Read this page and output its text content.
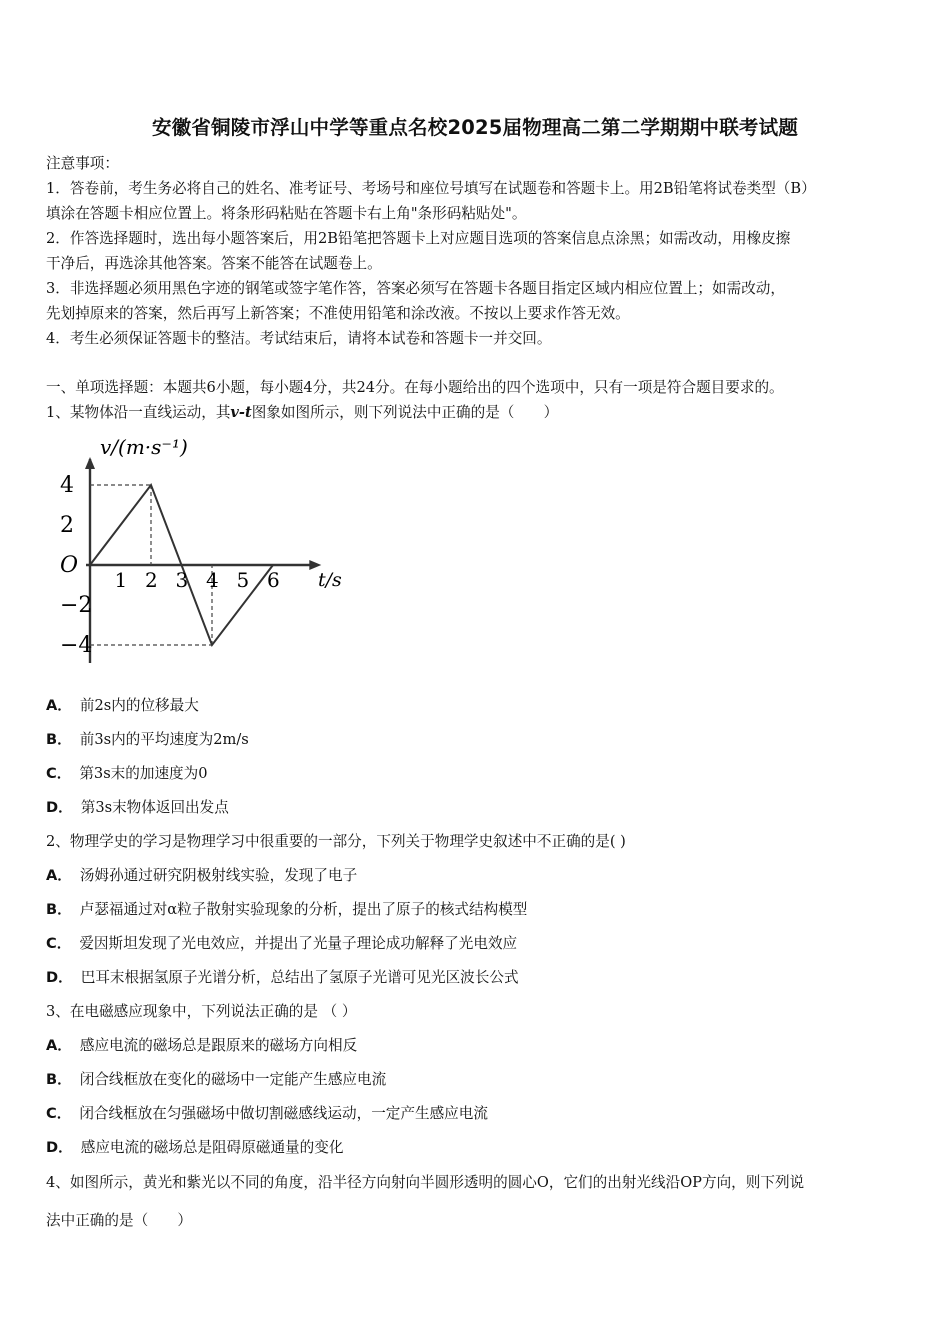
安徽省铜陵市浮山中学等重点名校2025届物理高二第二学期期中联考试题
注意事项：
1．答卷前，考生务必将自己的姓名、准考证号、考场号和座位号填写在试题卷和答题卡上。用2B铅笔将试卷类型（B）
填涂在答题卡相应位置上。将条形码粘贴在答题卡右上角"条形码粘贴处"。
2．作答选择题时，选出每小题答案后，用2B铅笔把答题卡上对应题目选项的答案信息点涂黑；如需改动，用橡皮擦
干净后，再选涂其他答案。答案不能答在试题卷上。
3．非选择题必须用黑色字迹的钢笔或签字笔作答，答案必须写在答题卡各题目指定区域内相应位置上；如需改动，
先划掉原来的答案，然后再写上新答案；不准使用铅笔和涂改液。不按以上要求作答无效。
4．考生必须保证答题卡的整洁。考试结束后，请将本试卷和答题卡一并交回。
一、单项选择题：本题共6小题，每小题4分，共24分。在每小题给出的四个选项中，只有一项是符合题目要求的。
1、某物体沿一直线运动，其v-t图象如图所示，则下列说法中正确的是（　　）
1 2 3 4 5 6
4
2
O
−2
−4
v/(m·s⁻¹)
t/s
A． 前2s内的位移最大
B． 前3s内的平均速度为2m/s
C． 第3s末的加速度为0
D． 第3s末物体返回出发点
2、物理学史的学习是物理学习中很重要的一部分，下列关于物理学史叙述中不正确的是( )
A． 汤姆孙通过研究阴极射线实验，发现了电子
B． 卢瑟福通过对α粒子散射实验现象的分析，提出了原子的核式结构模型
C． 爱因斯坦发现了光电效应，并提出了光量子理论成功解释了光电效应
D． 巴耳末根据氢原子光谱分析，总结出了氢原子光谱可见光区波长公式
3、在电磁感应现象中，下列说法正确的是 （ ）
A． 感应电流的磁场总是跟原来的磁场方向相反
B． 闭合线框放在变化的磁场中一定能产生感应电流
C． 闭合线框放在匀强磁场中做切割磁感线运动，一定产生感应电流
D． 感应电流的磁场总是阻碍原磁通量的变化
4、如图所示，黄光和紫光以不同的角度，沿半径方向射向半圆形透明的圆心O，它们的出射光线沿OP方向，则下列说
法中正确的是（　　）
